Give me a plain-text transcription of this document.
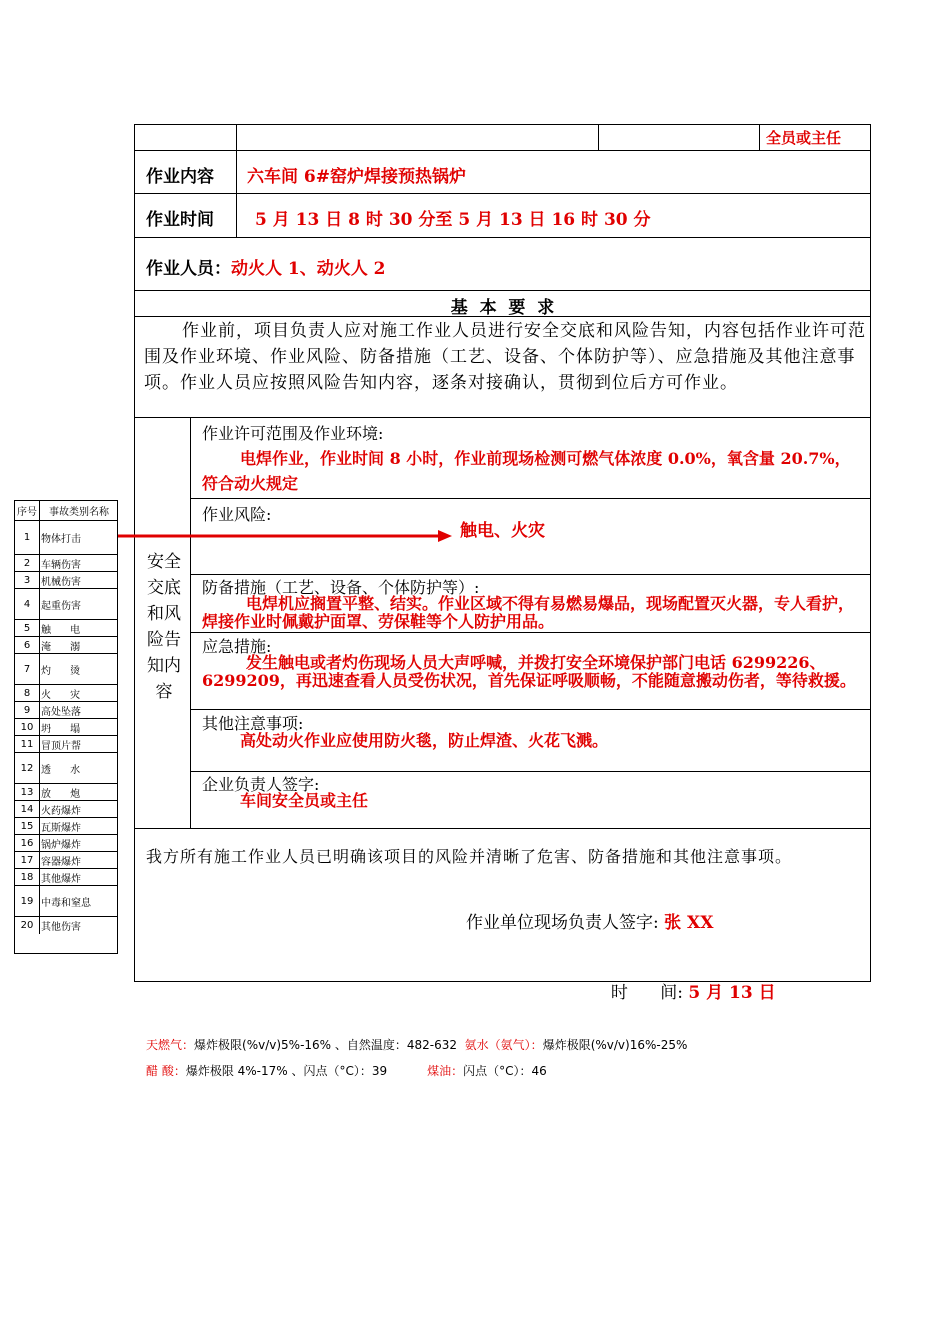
全员或主任
作业内容 六车间 6#窑炉焊接预热锅炉
作业时间 5 月 13 日 8 时 30 分至 5 月 13 日 16 时 30 分
作业人员：动火人 1、动火人 2
基  本  要  求
作业前，项目负责人应对施工作业人员进行安全交底和风险告知，内容包括作业许可范围及作业环境、作业风险、防备措施（工艺、设备、个体防护等）、应急措施及其他注意事项。作业人员应按照风险告知内容，逐条对接确认，贯彻到位后方可作业。
安全交底和风险告知内容
作业许可范围及作业环境:
电焊作业，作业时间 8 小时，作业前现场检测可燃气体浓度 0.0%，氧含量 20.7%，符合动火规定
作业风险:
触电、火灾
防备措施（工艺、设备、个体防护等）:
电焊机应搁置平整、结实。作业区域不得有易燃易爆品，现场配置灭火器，专人看护，焊接作业时佩戴护面罩、劳保鞋等个人防护用品。
应急措施:
发生触电或者灼伤现场人员大声呼喊，并拨打安全环境保护部门电话 6299226、6299209，再迅速查看人员受伤状况，首先保证呼吸顺畅，不能随意搬动伤者，等待救援。
其他注意事项:
高处动火作业应使用防火毯，防止焊渣、火花飞溅。
企业负责人签字:
车间安全员或主任
我方所有施工作业人员已明确该项目的风险并清晰了危害、防备措施和其他注意事项。
作业单位现场负责人签字: 张 XX

时      间: 5 月 13 日

序号	事故类别名称
1	物体打击
2	车辆伤害
3	机械伤害
4	起重伤害
5	触      电
6	淹      溺
7	灼      烫
8	火      灾
9	高处坠落
10 坍      塌
11 冒顶片帮
12 透      水
13 放      炮
14 火药爆炸
15 瓦斯爆炸
16 锅炉爆炸
17 容器爆炸
18 其他爆炸
19 中毒和窒息
20 其他伤害
天燃气：爆炸极限(%v/v)5%-16% 、自然温度：482-632 氨水（氨气）：爆炸极限(%v/v)16%-25%
醋 酸：爆炸极限 4%-17% 、闪点（°C）：39	煤油：闪点（°C）：46
